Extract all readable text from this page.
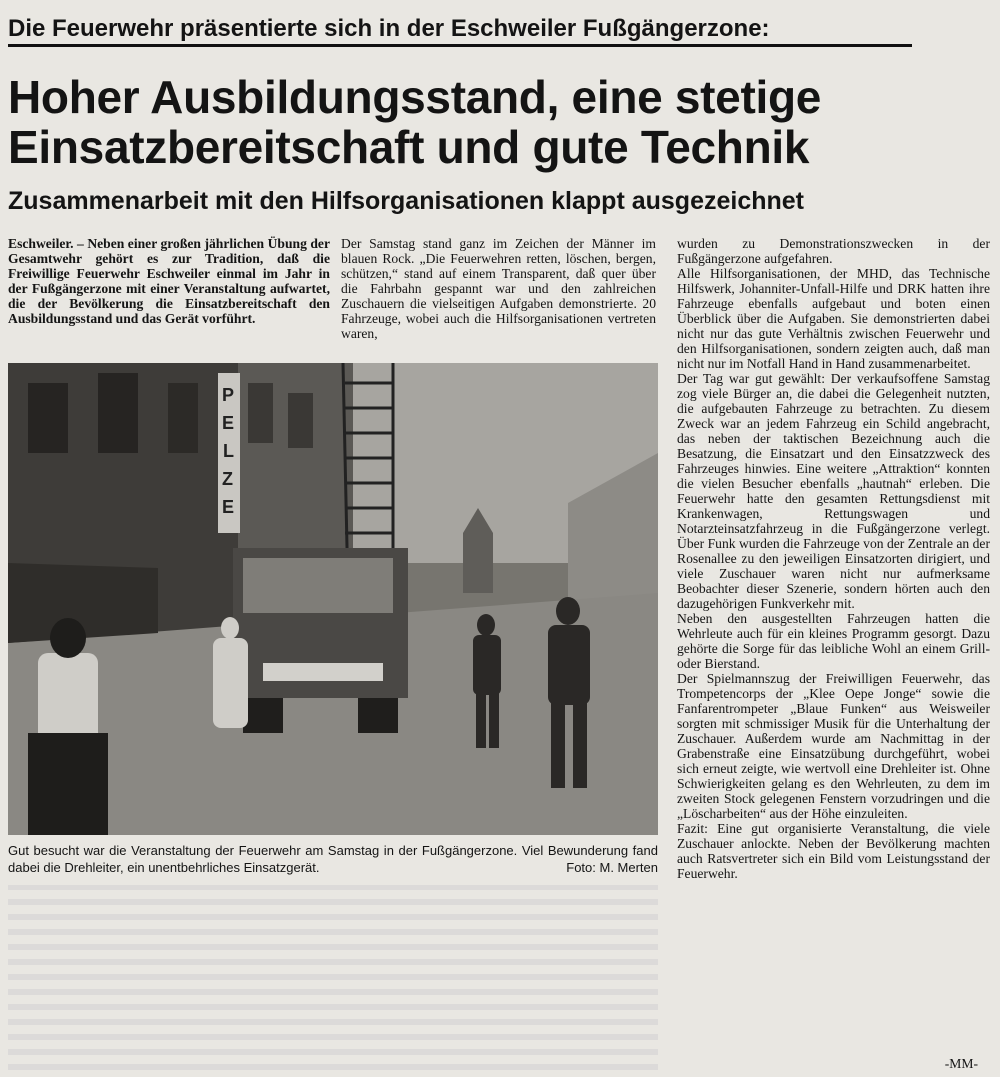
Die Feuerwehr präsentierte sich in der Eschweiler Fußgängerzone:
Hoher Ausbildungsstand, eine stetige
Einsatzbereitschaft und gute Technik
Zusammenarbeit mit den Hilfsorganisationen klappt ausgezeichnet

Eschweiler. – Neben einer großen jährlichen Übung der Gesamtwehr gehört es zur Tradition, daß die Freiwillige Feuerwehr Eschweiler einmal im Jahr in der Fußgängerzone mit einer Veranstaltung aufwartet, die der Bevölkerung die Einsatzbereitschaft den Ausbildungsstand und das Gerät vorführt.

Der Samstag stand ganz im Zeichen der Männer im blauen Rock. „Die Feuerwehren retten, löschen, bergen, schützen,“ stand auf einem Transparent, daß quer über die Fahrbahn gespannt war und den zahlreichen Zuschauern die vielseitigen Aufgaben demonstrierte. 20 Fahrzeuge, wobei auch die Hilfsorganisationen vertreten waren,

wurden zu Demonstrationszwecken in der Fußgängerzone aufgefahren.

Alle Hilfsorganisationen, der MHD, das Technische Hilfswerk, Johanniter-Unfall-Hilfe und DRK hatten ihre Fahrzeuge ebenfalls aufgebaut und boten einen Überblick über die Aufgaben. Sie demonstrierten dabei nicht nur das gute Verhältnis zwischen Feuerwehr und den Hilfsorganisationen, sondern zeigten auch, daß man nicht nur im Notfall Hand in Hand zusammenarbeitet.

Der Tag war gut gewählt: Der verkaufsoffene Samstag zog viele Bürger an, die dabei die Gelegenheit nutzten, die aufgebauten Fahrzeuge zu betrachten. Zu diesem Zweck war an jedem Fahrzeug ein Schild angebracht, das neben der taktischen Bezeichnung auch die Besatzung, die Einsatzart und den Einsatzzweck des Fahrzeuges hinwies. Eine weitere „Attraktion“ konnten die vielen Besucher ebenfalls „hautnah“ erleben. Die Feuerwehr hatte den gesamten Rettungsdienst mit Krankenwagen, Rettungswagen und Notarzteinsatzfahrzeug in die Fußgängerzone verlegt. Über Funk wurden die Fahrzeuge von der Zentrale an der Rosenallee zu den jeweiligen Einsatzorten dirigiert, und viele Zuschauer waren nicht nur aufmerksame Beobachter dieser Szenerie, sondern hörten auch den dazugehörigen Funkverkehr mit.

Neben den ausgestellten Fahrzeugen hatten die Wehrleute auch für ein kleines Programm gesorgt. Dazu gehörte die Sorge für das leibliche Wohl an einem Grill- oder Bierstand.

Der Spielmannszug der Freiwilligen Feuerwehr, das Trompetencorps der „Klee Oepe Jonge“ sowie die Fanfarentrompeter „Blaue Funken“ aus Weisweiler sorgten mit schmissiger Musik für die Unterhaltung der Zuschauer. Außerdem wurde am Nachmittag in der Grabenstraße eine Einsatzübung durchgeführt, wobei sich erneut zeigte, wie wertvoll eine Drehleiter ist. Ohne Schwierigkeiten gelang es den Wehrleuten, zu dem im zweiten Stock gelegenen Fenstern vorzudringen und die „Löscharbeiten“ aus der Höhe einzuleiten.

Fazit: Eine gut organisierte Veranstaltung, die viele Zuschauer anlockte. Neben der Bevölkerung machten auch Ratsvertreter sich ein Bild vom Leistungsstand der Feuerwehr.

-MM-
P
E
L
Z
E
Gut besucht war die Veranstaltung der Feuerwehr am Samstag in der Fußgängerzone. Viel Bewunderung fand dabei die Drehleiter, ein unentbehrliches Einsatzgerät.	Foto: M. Merten
